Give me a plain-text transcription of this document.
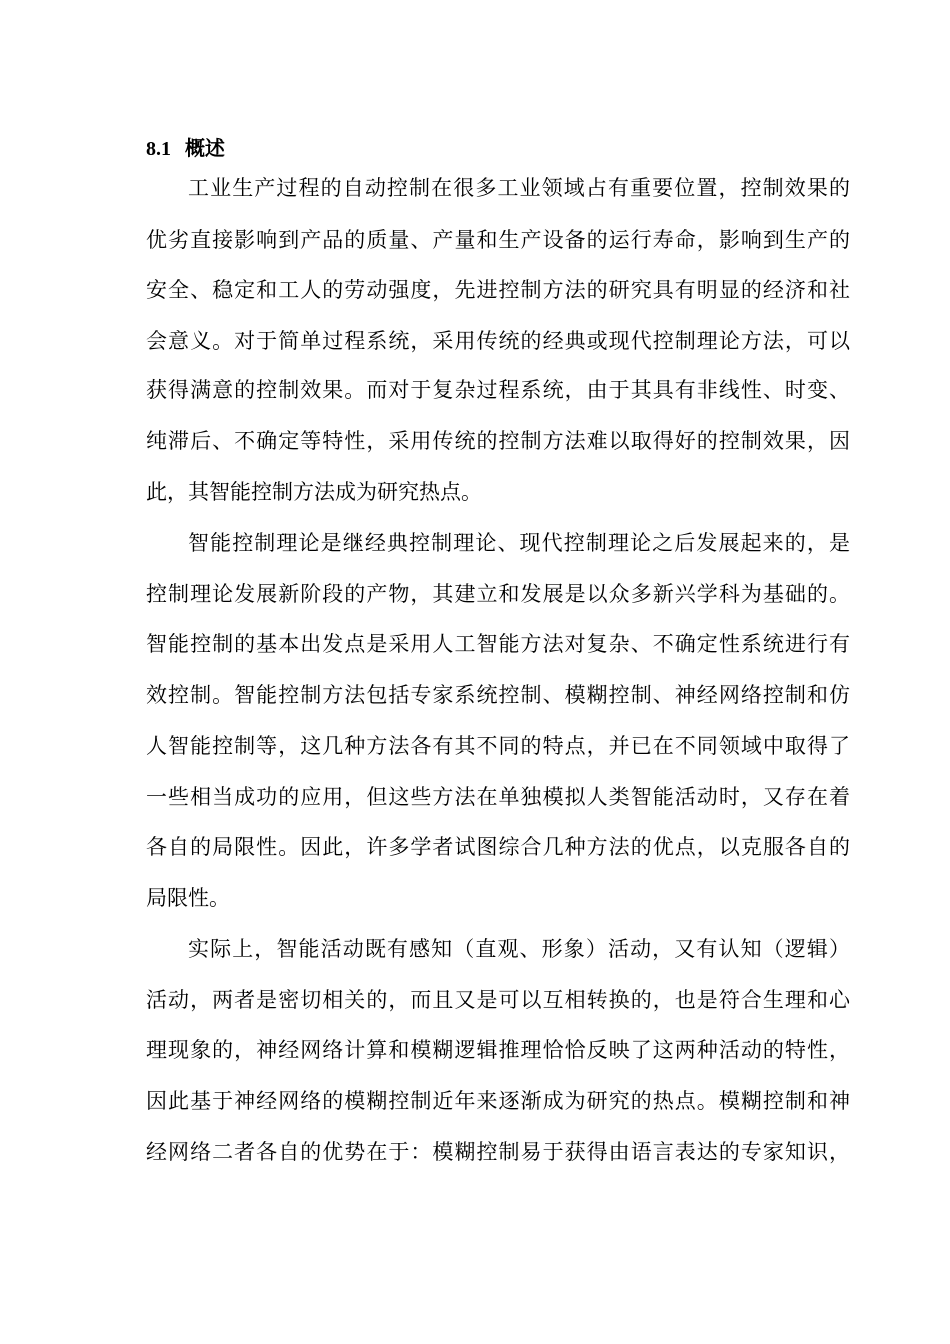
8.1 概述
工业生产过程的自动控制在很多工业领域占有重要位置，控制效果的
优劣直接影响到产品的质量、产量和生产设备的运行寿命，影响到生产的
安全、稳定和工人的劳动强度，先进控制方法的研究具有明显的经济和社
会意义。对于简单过程系统，采用传统的经典或现代控制理论方法，可以
获得满意的控制效果。而对于复杂过程系统，由于其具有非线性、时变、
纯滞后、不确定等特性，采用传统的控制方法难以取得好的控制效果，因
此，其智能控制方法成为研究热点。
智能控制理论是继经典控制理论、现代控制理论之后发展起来的，是
控制理论发展新阶段的产物，其建立和发展是以众多新兴学科为基础的。
智能控制的基本出发点是采用人工智能方法对复杂、不确定性系统进行有
效控制。智能控制方法包括专家系统控制、模糊控制、神经网络控制和仿
人智能控制等，这几种方法各有其不同的特点，并已在不同领域中取得了
一些相当成功的应用，但这些方法在单独模拟人类智能活动时，又存在着
各自的局限性。因此，许多学者试图综合几种方法的优点，以克服各自的
局限性。
实际上，智能活动既有感知（直观、形象）活动，又有认知（逻辑）
活动，两者是密切相关的，而且又是可以互相转换的，也是符合生理和心
理现象的，神经网络计算和模糊逻辑推理恰恰反映了这两种活动的特性，
因此基于神经网络的模糊控制近年来逐渐成为研究的热点。模糊控制和神
经网络二者各自的优势在于：模糊控制易于获得由语言表达的专家知识，
